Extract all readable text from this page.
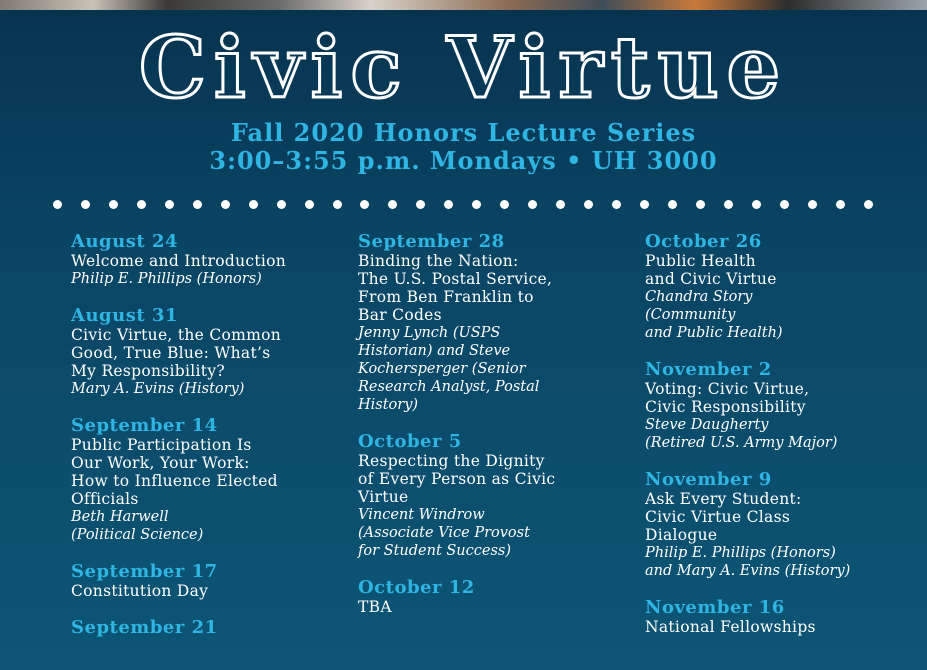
Civic Virtue
Fall 2020 Honors Lecture Series
3:00–3:55 p.m. Mondays • UH 3000
August 24
Welcome and Introduction
Philip E. Phillips (Honors)
August 31
Civic Virtue, the Common
Good, True Blue: What’s
My Responsibility?
Mary A. Evins (History)
September 14
Public Participation Is
Our Work, Your Work:
How to Influence Elected
Officials
Beth Harwell
(Political Science)
September 17
Constitution Day
September 21
September 28
Binding the Nation:
The U.S. Postal Service,
From Ben Franklin to
Bar Codes
Jenny Lynch (USPS
Historian) and Steve
Kochersperger (Senior
Research Analyst, Postal
History)
October 5
Respecting the Dignity
of Every Person as Civic
Virtue
Vincent Windrow
(Associate Vice Provost
for Student Success)
October 12
TBA
October 26
Public Health
and Civic Virtue
Chandra Story
(Community
and Public Health)
November 2
Voting: Civic Virtue,
Civic Responsibility
Steve Daugherty
(Retired U.S. Army Major)
November 9
Ask Every Student:
Civic Virtue Class
Dialogue
Philip E. Phillips (Honors)
and Mary A. Evins (History)
November 16
National Fellowships
